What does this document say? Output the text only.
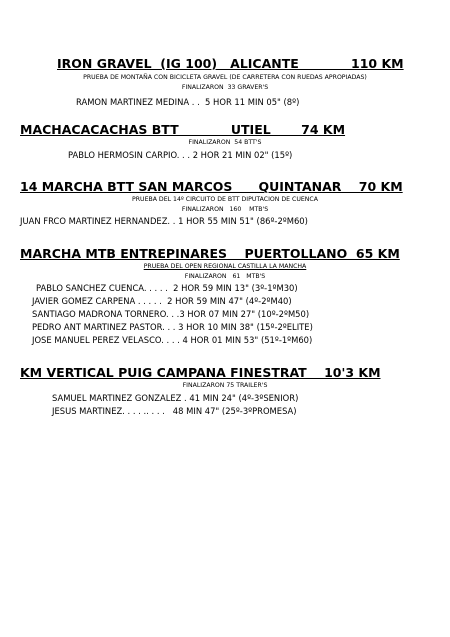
IRON GRAVEL  (IG 100)   ALICANTE            110 KM
PRUEBA DE MONTAÑA CON BICICLETA GRAVEL (DE CARRETERA CON RUEDAS APROPIADAS)
FINALIZARON  33 GRAVER'S
RAMON MARTINEZ MEDINA . .  5 HOR 11 MIN 05" (8º)
MACHACACACHAS BTT            UTIEL       74 KM
FINALIZARON  54 BTT'S
PABLO HERMOSIN CARPIO. . . 2 HOR 21 MIN 02" (15º)
14 MARCHA BTT SAN MARCOS      QUINTANAR    70 KM
PRUEBA DEL 14º CIRCUITO DE BTT DIPUTACION DE CUENCA
FINALIZARON   160    MTB'S
JUAN FRCO MARTINEZ HERNANDEZ. . 1 HOR 55 MIN 51" (86º-2ºM60)
MARCHA MTB ENTREPINARES    PUERTOLLANO  65 KM
PRUEBA DEL OPEN REGIONAL CASTILLA LA MANCHA
FINALIZARON   61   MTB'S
PABLO SANCHEZ CUENCA. . . . .  2 HOR 59 MIN 13" (3º-1ºM30)
JAVIER GOMEZ CARPENA . . . . .  2 HOR 59 MIN 47" (4º-2ºM40)
SANTIAGO MADRONA TORNERO. . .3 HOR 07 MIN 27" (10º-2ºM50)
PEDRO ANT MARTINEZ PASTOR. . . 3 HOR 10 MIN 38" (15º-2ºELITE)
JOSE MANUEL PEREZ VELASCO. . . . 4 HOR 01 MIN 53" (51º-1ºM60)
KM VERTICAL PUIG CAMPANA FINESTRAT    10'3 KM
FINALIZARON 75 TRAILER'S
SAMUEL MARTINEZ GONZALEZ . 41 MIN 24" (4º-3ºSENIOR)
JESUS MARTINEZ. . . . .. . . .   48 MIN 47" (25º-3ºPROMESA)
